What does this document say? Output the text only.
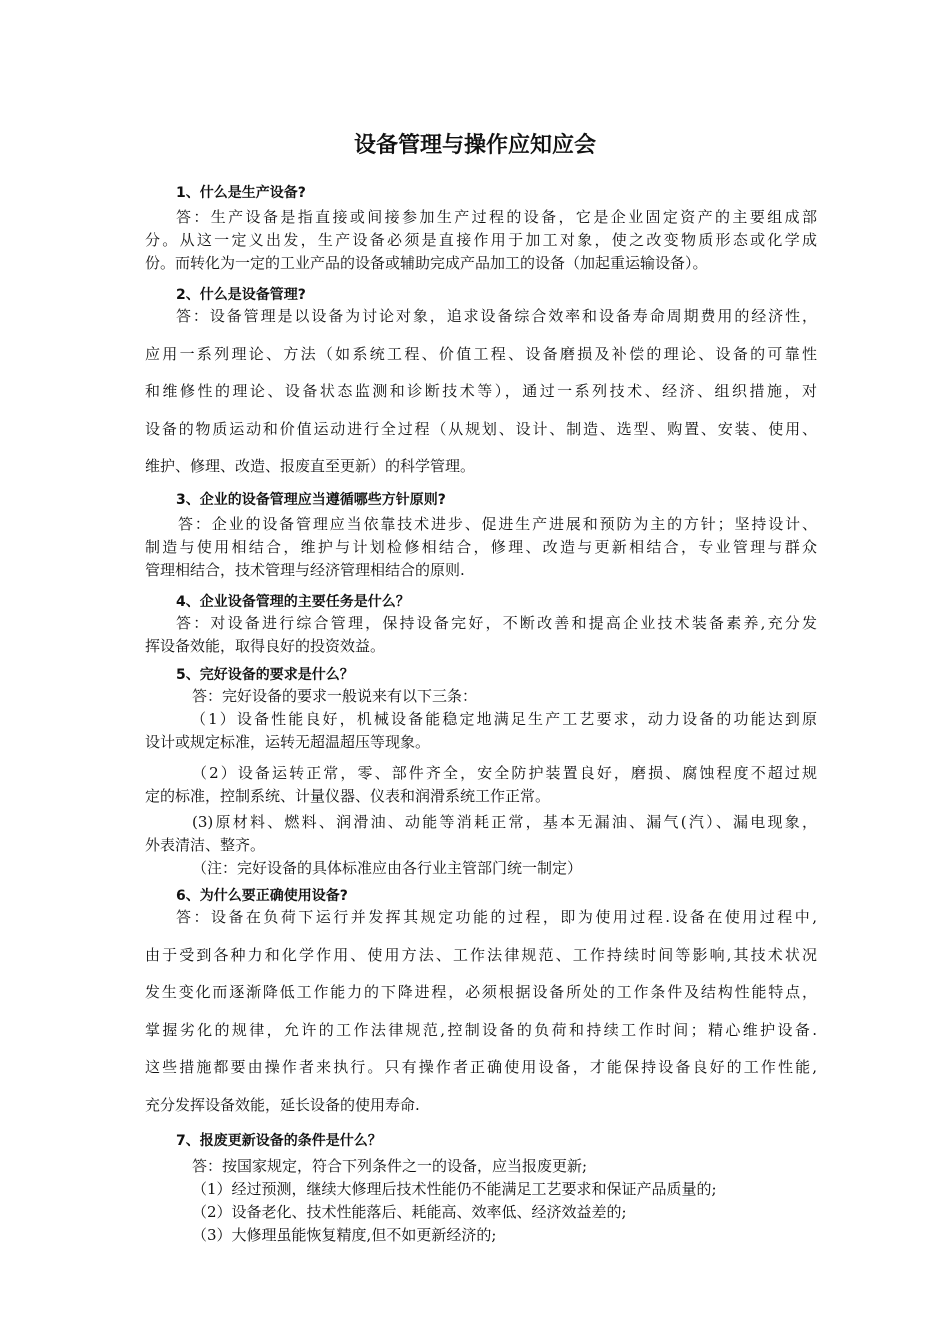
设备管理与操作应知应会
1、什么是生产设备?
答：生产设备是指直接或间接参加生产过程的设备，它是企业固定资产的主要组成部
分。从这一定义出发，生产设备必须是直接作用于加工对象，使之改变物质形态或化学成
份。而转化为一定的工业产品的设备或辅助完成产品加工的设备（加起重运输设备）。
2、什么是设备管理?
答：设备管理是以设备为讨论对象，追求设备综合效率和设备寿命周期费用的经济性，
应用一系列理论、方法（如系统工程、价值工程、设备磨损及补偿的理论、设备的可靠性
和维修性的理论、设备状态监测和诊断技术等），通过一系列技术、经济、组织措施，对
设备的物质运动和价值运动进行全过程（从规划、设计、制造、选型、购置、安装、使用、
维护、修理、改造、报废直至更新）的科学管理。
3、企业的设备管理应当遵循哪些方针原则?
答：企业的设备管理应当依靠技术进步、促进生产进展和预防为主的方针；坚持设计、
制造与使用相结合，维护与计划检修相结合，修理、改造与更新相结合，专业管理与群众
管理相结合，技术管理与经济管理相结合的原则.
4、企业设备管理的主要任务是什么？
答：对设备进行综合管理，保持设备完好，不断改善和提高企业技术装备素养,充分发
挥设备效能，取得良好的投资效益。
5、完好设备的要求是什么？
答：完好设备的要求一般说来有以下三条：
（1）设备性能良好，机械设备能稳定地满足生产工艺要求，动力设备的功能达到原
设计或规定标准，运转无超温超压等现象。
（2）设备运转正常，零、部件齐全，安全防护装置良好，磨损、腐蚀程度不超过规
定的标准，控制系统、计量仪器、仪表和润滑系统工作正常。
(3)原材料、燃料、润滑油、动能等消耗正常，基本无漏油、漏气(汽）、漏电现象，
外表清洁、整齐。
（注：完好设备的具体标准应由各行业主管部门统一制定）
6、为什么要正确使用设备?
答：设备在负荷下运行并发挥其规定功能的过程，即为使用过程.设备在使用过程中,
由于受到各种力和化学作用、使用方法、工作法律规范、工作持续时间等影响,其技术状况
发生变化而逐渐降低工作能力的下降进程，必须根据设备所处的工作条件及结构性能特点，
掌握劣化的规律，允许的工作法律规范,控制设备的负荷和持续工作时间；精心维护设备.
这些措施都要由操作者来执行。只有操作者正确使用设备，才能保持设备良好的工作性能,
充分发挥设备效能，延长设备的使用寿命.
7、报废更新设备的条件是什么？
答：按国家规定，符合下列条件之一的设备，应当报废更新;
（1）经过预测，继续大修理后技术性能仍不能满足工艺要求和保证产品质量的;
（2）设备老化、技术性能落后、耗能高、效率低、经济效益差的;
（3）大修理虽能恢复精度,但不如更新经济的;
